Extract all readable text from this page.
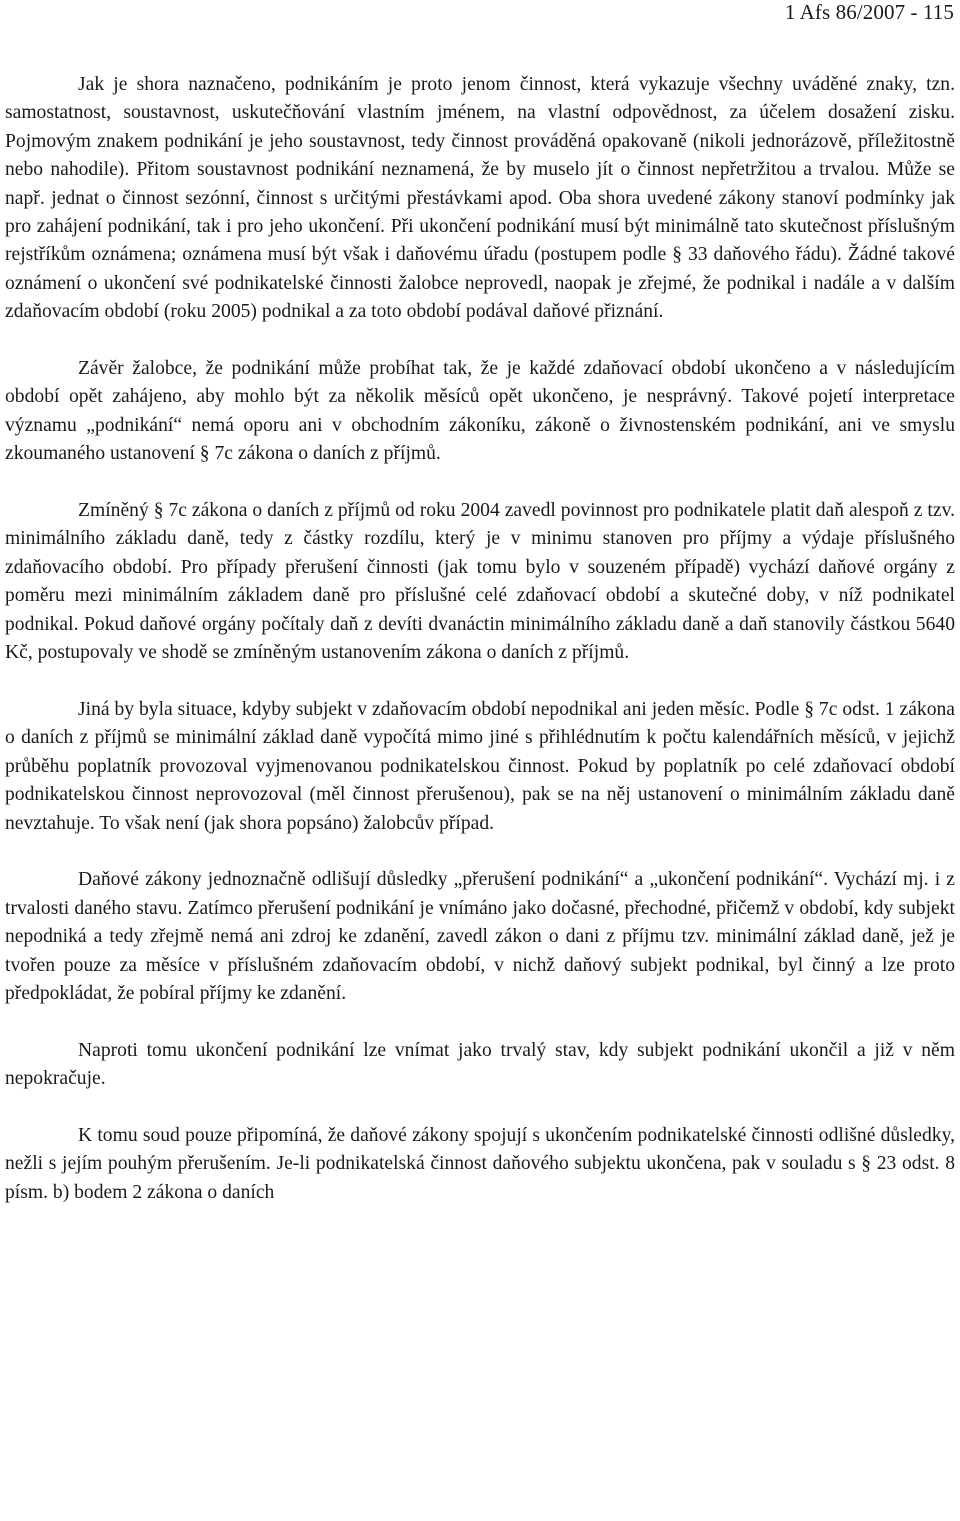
1 Afs 86/2007 - 115

Jak je shora naznačeno, podnikáním je proto jenom činnost, která vykazuje všechny uváděné znaky, tzn. samostatnost, soustavnost, uskutečňování vlastním jménem, na vlastní odpovědnost, za účelem dosažení zisku. Pojmovým znakem podnikání je jeho soustavnost, tedy činnost prováděná opakovaně (nikoli jednorázově, příležitostně nebo nahodile). Přitom soustavnost podnikání neznamená, že by muselo jít o činnost nepřetržitou a trvalou. Může se např. jednat o činnost sezónní, činnost s určitými přestávkami apod. Oba shora uvedené zákony stanoví podmínky jak pro zahájení podnikání, tak i pro jeho ukončení. Při ukončení podnikání musí být minimálně tato skutečnost příslušným rejstříkům oznámena; oznámena musí být však i daňovému úřadu (postupem podle § 33 daňového řádu). Žádné takové oznámení o ukončení své podnikatelské činnosti žalobce neprovedl, naopak je zřejmé, že podnikal i nadále a v dalším zdaňovacím období (roku 2005) podnikal a za toto období podával daňové přiznání.

Závěr žalobce, že podnikání může probíhat tak, že je každé zdaňovací období ukončeno a v následujícím období opět zahájeno, aby mohlo být za několik měsíců opět ukončeno, je nesprávný. Takové pojetí interpretace významu „podnikání“ nemá oporu ani v obchodním zákoníku, zákoně o živnostenském podnikání, ani ve smyslu zkoumaného ustanovení § 7c zákona o daních z příjmů.

Zmíněný § 7c zákona o daních z příjmů od roku 2004 zavedl povinnost pro podnikatele platit daň alespoň z tzv. minimálního základu daně, tedy z částky rozdílu, který je v minimu stanoven pro příjmy a výdaje příslušného zdaňovacího období. Pro případy přerušení činnosti (jak tomu bylo v souzeném případě) vychází daňové orgány z poměru mezi minimálním základem daně pro příslušné celé zdaňovací období a skutečné doby, v níž podnikatel podnikal. Pokud daňové orgány počítaly daň z devíti dvanáctin minimálního základu daně a daň stanovily částkou 5640 Kč, postupovaly ve shodě se zmíněným ustanovením zákona o daních z příjmů.

Jiná by byla situace, kdyby subjekt v zdaňovacím období nepodnikal ani jeden měsíc. Podle § 7c odst. 1 zákona o daních z příjmů se minimální základ daně vypočítá mimo jiné s přihlédnutím k počtu kalendářních měsíců, v jejichž průběhu poplatník provozoval vyjmenovanou podnikatelskou činnost. Pokud by poplatník po celé zdaňovací období podnikatelskou činnost neprovozoval (měl činnost přerušenou), pak se na něj ustanovení o minimálním základu daně nevztahuje. To však není (jak shora popsáno) žalobcův případ.

Daňové zákony jednoznačně odlišují důsledky „přerušení podnikání“ a „ukončení podnikání“. Vychází mj. i z trvalosti daného stavu. Zatímco přerušení podnikání je vnímáno jako dočasné, přechodné, přičemž v období, kdy subjekt nepodniká a tedy zřejmě nemá ani zdroj ke zdanění, zavedl zákon o dani z příjmu tzv. minimální základ daně, jež je tvořen pouze za měsíce v příslušném zdaňovacím období, v nichž daňový subjekt podnikal, byl činný a lze proto předpokládat, že pobíral příjmy ke zdanění.

Naproti tomu ukončení podnikání lze vnímat jako trvalý stav, kdy subjekt podnikání ukončil a již v něm nepokračuje.

K tomu soud pouze připomíná, že daňové zákony spojují s ukončením podnikatelské činnosti odlišné důsledky, nežli s jejím pouhým přerušením. Je-li podnikatelská činnost daňového subjektu ukončena, pak v souladu s § 23 odst. 8 písm. b) bodem 2 zákona o daních
